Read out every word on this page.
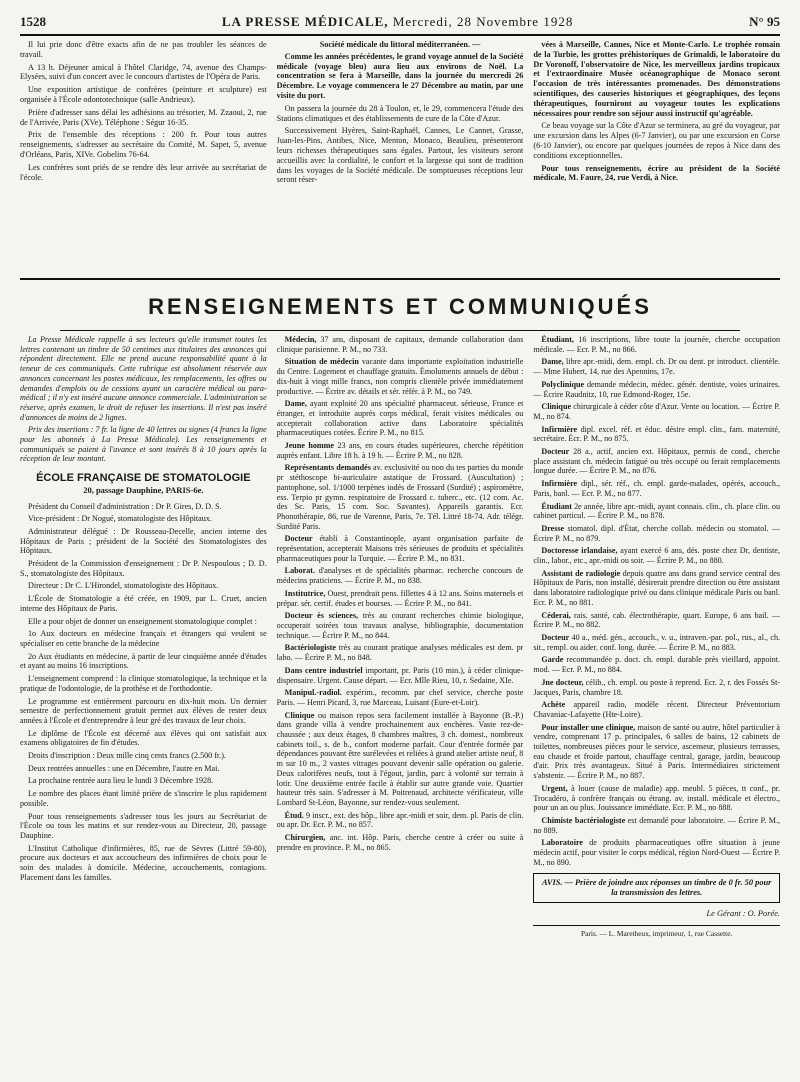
1528	LA PRESSE MÉDICALE, Mercredi, 28 Novembre 1928	N° 95

Il lui prie donc d'être exacts afin de ne pas troubler les séances de travail.

A 13 h. Déjeuner amical à l'hôtel Claridge, 74, avenue des Champs-Elysées, suivi d'un concert avec le concours d'artistes de l'Opéra de Paris.

Une exposition artistique de confrères (peinture et sculpture) est organisée à l'École odontotechnique (salle Andrieux).

Prière d'adresser sans délai les adhésions au trésorier, M. Zzaoui, 2, rue de l'Arrivée, Paris (XVe). Téléphone : Ségur 16-35.

Prix de l'ensemble des réceptions : 200 fr. Pour tous autres renseignements, s'adresser au secrétaire du Comité, M. Sapet, 5, avenue d'Orléans, Paris, XIVe. Gobelins 76-64.

Les confrères sont priés de se rendre dès leur arrivée au secrétariat de l'école.

Société médicale du littoral méditerranéen. —

Comme les années précédentes, le grand voyage annuel de la Société médicale (voyage bleu) aura lieu aux environs de Noël. La concentration se fera à Marseille, dans la journée du mercredi 26 Décembre. Le voyage commencera le 27 Décembre au matin, par une visite du port.

On passera la journée du 28 à Toulon, et, le 29, commencera l'étude des Stations climatiques et des établissements de cure de la Côte d'Azur.

Successivement Hyères, Saint-Raphaël, Cannes, Le Cannet, Grasse, Juan-les-Pins, Antibes, Nice, Menton, Monaco, Beaulieu, présenteront leurs richesses thérapeutiques sans égales. Partout, les visiteurs seront accueillis avec la cordialité, le confort et la largesse qui sont de tradition dans les voyages de la Société médicale. De somptueuses réceptions leur seront réser-

vées à Marseille, Cannes, Nice et Monte-Carlo. Le trophée romain de la Turbie, les grottes préhistoriques de Grimaldi, le laboratoire du Dr Voronoff, l'observatoire de Nice, les merveilleux jardins tropicaux et l'extraordinaire Musée océanographique de Monaco seront l'occasion de très intéressantes promenades. Des démonstrations scientifiques, des causeries historiques et géographiques, des leçons thérapeutiques, fourniront au voyageur toutes les explications nécessaires pour rendre son séjour aussi instructif qu'agréable.

Ce beau voyage sur la Côte d'Azur se terminera, au gré du voyageur, par une excursion dans les Alpes (6-7 Janvier), ou par une excursion en Corse (6-10 Janvier), ou encore par quelques journées de repos à Nice dans des conditions exceptionnelles.

Pour tous renseignements, écrire au président de la Société médicale, M. Faure, 24, rue Verdi, à Nice.

RENSEIGNEMENTS ET COMMUNIQUÉS

La Presse Médicale rappelle à ses lecteurs qu'elle transmet toutes les lettres contenant un timbre de 50 centimes aux titulaires des annonces qui répondent directement. Elle ne prend aucune responsabilité quant à la teneur de ces communiqués. Cette rubrique est absolument réservée aux annonces concernant les postes médicaux, les remplacements, les offres ou demandes d'emplois ou de cessions ayant un caractère médical ou para-médical ; il n'y est inséré aucune annonce commerciale. L'administration se réserve, après examen, le droit de refuser les insertions. Il n'est pas inséré d'annonces de moins de 2 lignes.

Prix des insertions : 7 fr. la ligne de 40 lettres ou signes (4 francs la ligne pour les abonnés à La Presse Médicale). Les renseignements et communiqués se paient à l'avance et sont insérés 8 à 10 jours après la réception de leur montant.

ÉCOLE FRANÇAISE DE STOMATOLOGIE
20, passage Dauphine, PARIS-6e.

Président du Conseil d'administration : Dr P. Gires, D. D. S.

Vice-président : Dr Nogué, stomatologiste des Hôpitaux.

Administrateur délégué : Dr Rousseau-Decelle, ancien interne des Hôpitaux de Paris ; président de la Société des Stomatologistes des Hôpitaux.

Président de la Commission d'enseignement : Dr P. Nespoulous ; D. D. S., stomatologiste des Hôpitaux.

Directeur : Dr C. L'Hirondel, stomatologiste des Hôpitaux.

L'École de Stomatologie a été créée, en 1909, par L. Cruet, ancien interne des Hôpitaux de Paris.

Elle a pour objet de donner un enseignement stomatologique complet :

1o Aux docteurs en médecine français et étrangers qui veulent se spécialiser en cette branche de la médecine

2o Aux étudiants en médecine, à partir de leur cinquième année d'études et ayant au moins 16 inscriptions.

L'enseignement comprend : la clinique stomatologique, la technique et la pratique de l'odontologie, de la prothèse et de l'orthodontie.

Le programme est entièrement parcouru en dix-huit mois. Un dernier semestre de perfectionnement gratuit permet aux élèves de rester deux années à l'École et d'entreprendre à leur gré des travaux de leur choix.

Le diplôme de l'École est décerné aux élèves qui ont satisfait aux examens obligatoires de fin d'études.

Droits d'inscription : Deux mille cinq cents francs (2.500 fr.).

Deux rentrées annuelles : une en Décembre, l'autre en Mai.

La prochaine rentrée aura lieu le lundi 3 Décembre 1928.

Le nombre des places étant limité prière de s'inscrire le plus rapidement possible.

Pour tous renseignements s'adresser tous les jours au Secrétariat de l'École ou tous les matins et sur rendez-vous au Directeur, 20, passage Dauphine.

L'Institut Catholique d'infirmières, 85, rue de Sèvres (Littré 59-80), procure aux docteurs et aux accoucheurs des infirmières de choix pour le soin des malades à domicile. Médecine, accouchements, contagions. Placement dans les familles.

Médecin, 37 ans, disposant de capitaux, demande collaboration dans clinique parisienne. P. M., no 733.

Situation de médecin vacante dans importante exploitation industrielle du Centre. Logement et chauffage gratuits. Émoluments annuels de début : dix-huit à vingt mille francs, non compris clientèle privée immédiatement productive. — Écrire av. détails et sér. référ. à P. M., no 749.

Dame, ayant exploité 20 ans spécialité pharmaceut. sérieuse, France et étranger, et introduite auprès corps médical, ferait visites médicales ou accepterait collaboration active dans Laboratoire spécialités pharmaceutiques cotées. Écrire P. M., no 815.

Jeune homme 23 ans, en cours études supérieures, cherche répétition auprès enfant. Libre 18 h. à 19 h. — Écrire P. M., no 828.

Représentants demandés av. exclusivité ou non du tes parties du monde pr stéthoscope bi-auriculaire astatique de Frossard. (Auscultation) ; pantophone, sol. 1/1000 terpènes iodés de Frossard (Surdité) ; aspiromètre, ess. Terpio pr gymn. respiratoire de Frossard c. tuberc., etc. (12 com. Ac. des Sc. Paris, 15 com. Soc. Savantes). Appareils garantis. Ecr. Phonothérapie, 86, rue de Varenne, Paris, 7e. Tél. Littré 18-74. Adr. télégr. Surdité Paris.

Docteur établi à Constantinople, ayant organisation parfaite de représentation, accepterait Maisons très sérieuses de produits et spécialités pharmaceutiques pour la Turquie. — Écrire P. M., no 831.

Laborat. d'analyses et de spécialités pharmac. recherche concours de médecins praticiens. — Écrire P. M., no 838.

Institutrice, Ouest, prendrait pens. fillettes 4 à 12 ans. Soins maternels et prépar. sér. certif. études et bourses. — Écrire P. M., no 841.

Docteur ès sciences, très au courant recherches chimie biologique, occuperait soirées tous travaux analyse, bibliographie, documentation technique. — Écrire P. M., no 844.

Bactériologiste très au courant pratique analyses médicales est dem. pr labo. — Écrire P. M., no 848.

Dans centre industriel important, pr. Paris (10 min.), à céder clinique-dispensaire. Urgent. Cause départ. — Ecr. Mlle Rieu, 10, r. Sedaine, XIe.

Manipul.-radiol. expérim., recomm. par chef service, cherche poste Paris. — Henri Picard, 3, rue Marceau, Luisant (Eure-et-Loir).

Clinique ou maison repos sera facilement installée à Bayonne (B.-P.) dans grande villa à vendre prochainement aux enchères. Vaste rez-de-chaussée ; aux deux étages, 8 chambres maîtres, 3 ch. domest., nombreux cabinets toil., s. de b., confort moderne parfait. Cour d'entrée formée par dépendances pouvant être surélevées et reliées à grand atelier artiste neuf, 8 m sur 10 m., 2 vastes vitrages pouvant devenir salle opération ou galerie. Deux calorifères neufs, tout à l'égout, jardin, parc à volonté sur terrain à lotir. Une deuxième entrée facile à établir sur autre grande voie. Quartier hauteur très sain. S'adresser à M. Poitrenaud, architecte vérificateur, ville Lombard St-Léon, Bayonne, sur rendez-vous seulement.

Étud. 9 inscr., ext. des hôp., libre apr.-midi et soir, dem. pl. Paris de clin. ou apr. Dr. Ecr. P. M., no 857.

Chirurgien, anc. int. Hôp. Paris, cherche centre à créer ou suite à prendre en province. P. M., no 865.

Étudiant, 16 inscriptions, libre toute la journée, cherche occupation médicale. — Ecr. P. M., no 866.

Dame, libre apr.-midi, dem. empl. ch. Dr ou dent. pr introduct. clientèle. — Mme Hubert, 14, rue des Apennins, 17e.

Polyclinique demande médecin, médec. génér. dentiste, voies urinaires. — Écrire Raudnitz, 10, rue Edmond-Roger, 15e.

Clinique chirurgicale à céder côte d'Azur. Vente ou location. — Écrire P. M., no 874.

Infirmière dipl. excel. réf. et éduc. désire empl. clin., fam. maternité, secrétaire. Écr. P. M., no 875.

Docteur 28 a., actif, ancien ext. Hôpitaux, permis de cond., cherche place assistant ch. médecin fatigué ou très occupé ou ferait remplacements longue durée. — Écrire P. M., no 876.

Infirmière dipl., sér. réf., ch. empl. garde-malades, opérés, accouch., Paris, banl. — Ecr. P. M., no 877.

Étudiant 2e année, libre apr.-midi, ayant connais. clin., ch. place clin. ou cabinet particul. — Écrire P. M., no 878.

Dresse stomatol. dipl. d'État, cherche collab. médecin ou stomatol. — Écrire P. M., no 879.

Doctoresse irlandaise, ayant exercé 6 ans, dés. poste chez Dr, dentiste, clin., labor., etc., apr.-midi ou soir. — Écrire P. M., no 880.

Assistant de radiologie depuis quatre ans dans grand service central des Hôpitaux de Paris, non installé, désirerait prendre direction ou être assistant dans laboratoire radiologique privé ou dans clinique médicale Paris ou banl. Ecr. P. M., no 881.

Céderai, rais. santé, cab. électrothérapie, quart. Europe, 6 ans bail. — Écrire P. M., no 882.

Docteur 40 a., méd. gén., accouch., v. u., intraven.-par. pol., rus., al., ch. sit., rempl. ou aider. conf. long. durée. — Écrire P. M., no 883.

Garde recommandée p. doct. ch. empl. durable près vieillard, appoint. mod. — Ecr. P. M., no 884.

Jne docteur, célib., ch. empl. ou poste à reprend. Ecr. 2, r. des Fossés St-Jacques, Paris, chambre 18.

Achète appareil radio, modèle récent. Directeur Préventorium Chavaniac-Lafayette (Hte-Loire).

Pour installer une clinique, maison de santé ou autre, hôtel particulier à vendre, comprenant 17 p. principales, 6 salles de bains, 12 cabinets de toilettes, nombreuses pièces pour le service, ascenseur, plusieurs terrasses, eau chaude et froide partout, chauffage central, garage, jardin, beaucoup d'air. Prix très avantageux. Situé à Paris. Intermédiaires strictement s'abstenir. — Écrire P. M., no 887.

Urgent, à louer (cause de maladie) app. meubl. 5 pièces, tt conf., pr. Trocadéro, à confrère français ou étrang. av. install. médicale et électro., pour un an ou plus. Jouissance immédiate. Ecr. P. M., no 888.

Chimiste bactériologiste est demandé pour laboratoire. — Écrire P. M., no 889.

Laboratoire de produits pharmaceutiques offre situation à jeune médecin actif, pour visiter le corps médical, région Nord-Ouest — Écrire P. M., no 890.

AVIS. — Prière de joindre aux réponses un timbre de 0 fr. 50 pour la transmission des lettres.
Le Gérant : O. Porée.
Paris. — L. Maretheux, imprimeur, 1, rue Cassette.
